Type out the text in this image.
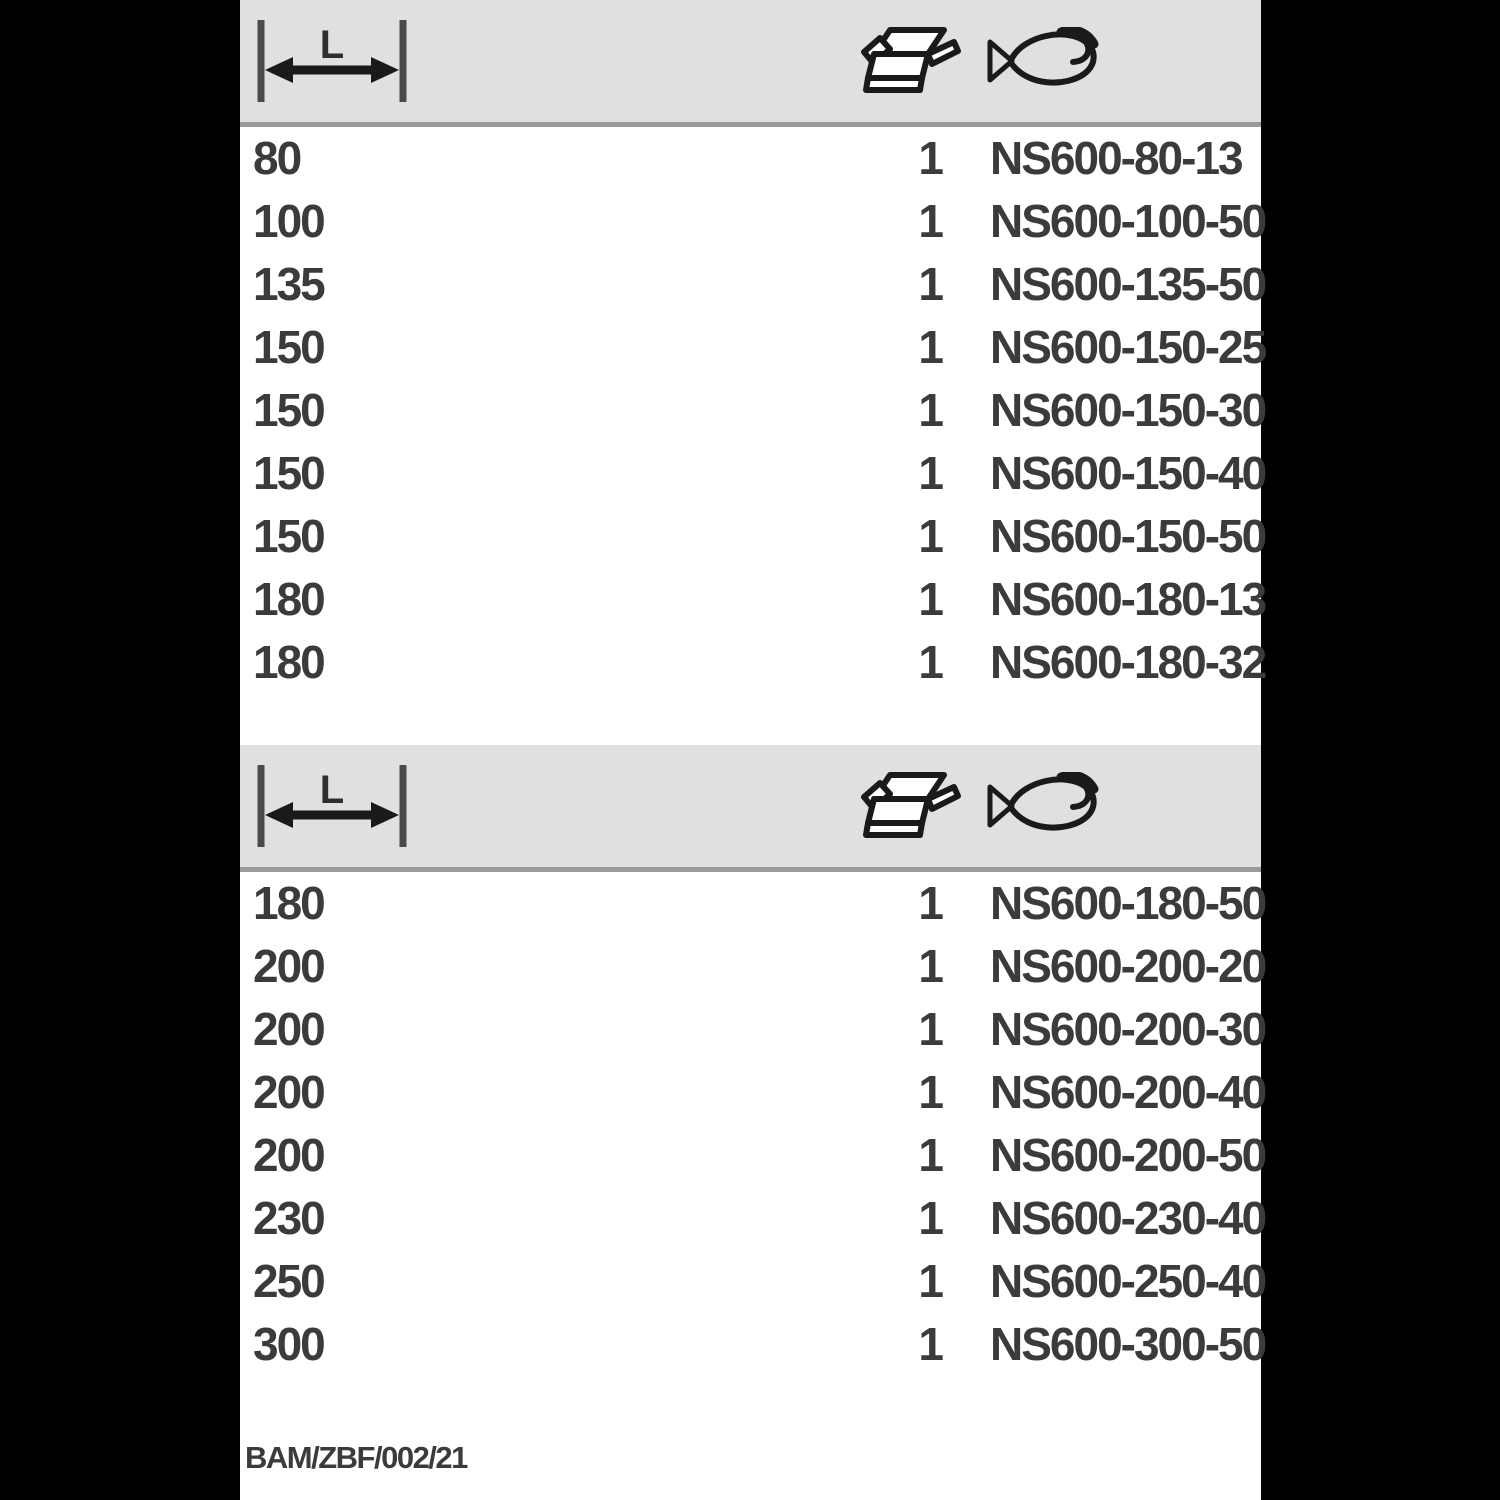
L
80	1 NS600-80-13
100	1 NS600-100-50
135	1 NS600-135-50
150	1 NS600-150-25
150	1 NS600-150-30
150	1 NS600-150-40
150	1 NS600-150-50
180	1 NS600-180-13
180	1 NS600-180-32
L
180	1 NS600-180-50
200	1 NS600-200-20
200	1 NS600-200-30
200	1 NS600-200-40
200	1 NS600-200-50
230	1 NS600-230-40
250	1 NS600-250-40
300	1 NS600-300-50
BAM/ZBF/002/21
